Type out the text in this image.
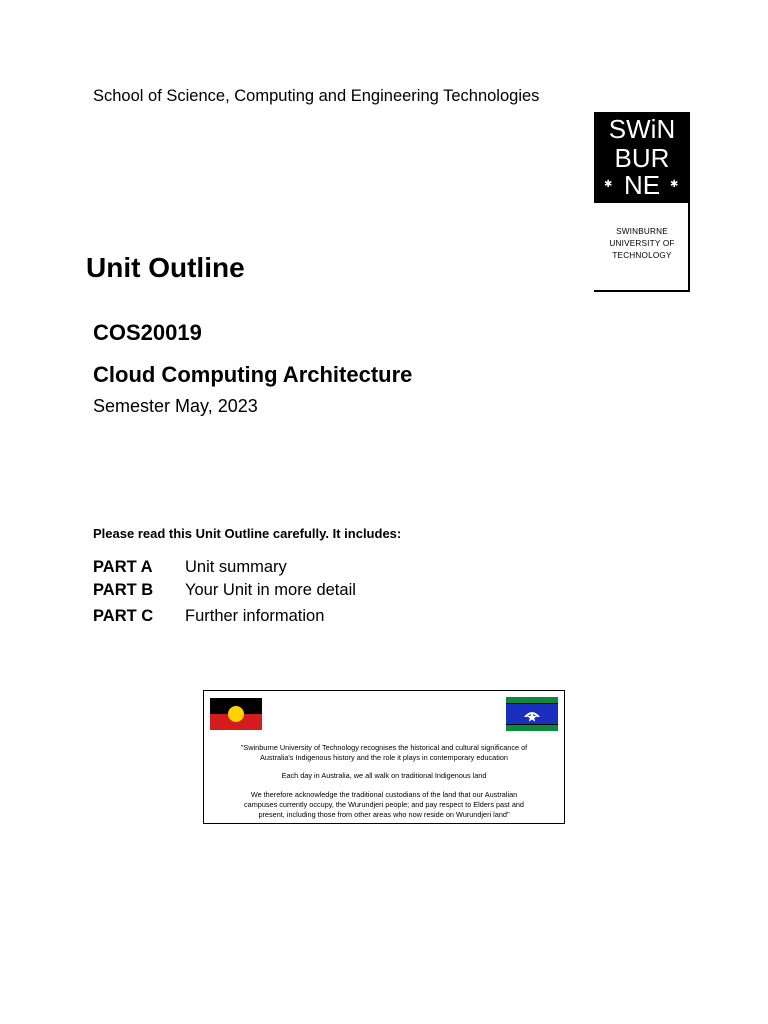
School of Science, Computing and Engineering Technologies
SWiN
BUR
NE
✱	✱
SWINBURNE
UNIVERSITY OF
TECHNOLOGY
Unit Outline
COS20019
Cloud Computing Architecture
Semester May, 2023
Please read this Unit Outline carefully. It includes:
PART A Unit summary
PART B Your Unit in more detail
PART C Further information
"Swinburne University of Technology recognises the historical and cultural significance of
Australia's Indigenous history and the role it plays in contemporary education
Each day in Australia, we all walk on traditional Indigenous land
We therefore acknowledge the traditional custodians of the land that our Australian
campuses currently occupy, the Wurundjeri people; and pay respect to Elders past and
present, including those from other areas who now reside on Wurundjeri land"
